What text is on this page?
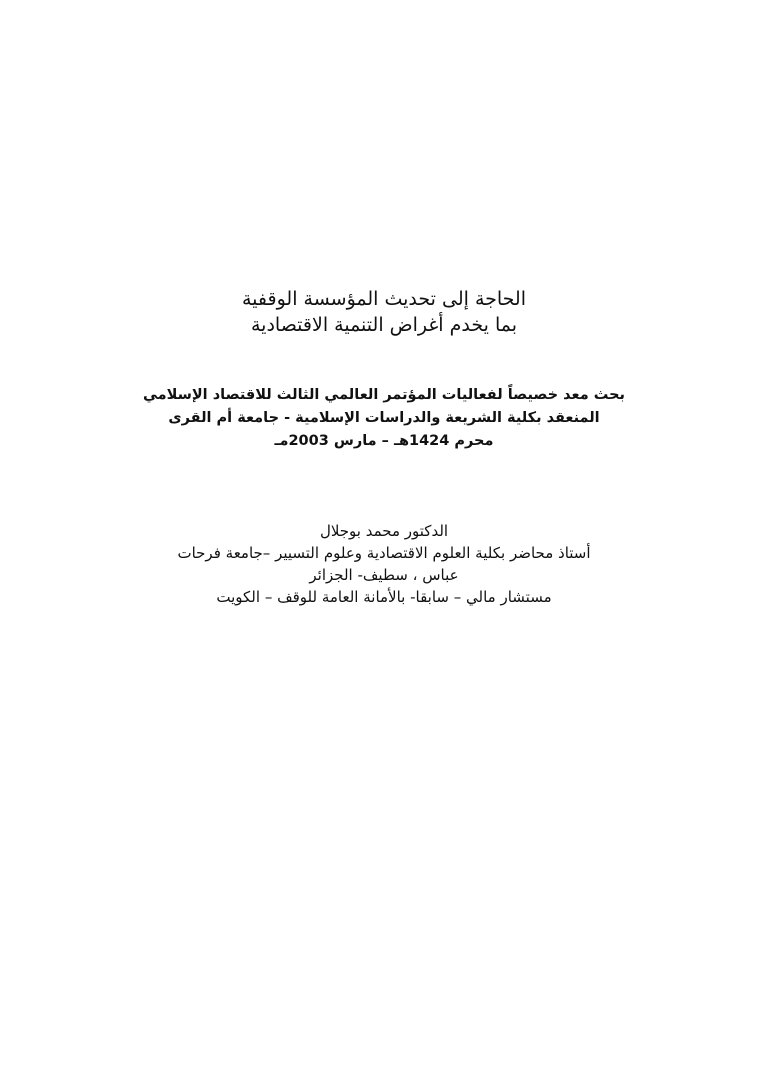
الحاجة إلى تحديث المؤسسة الوقفية
بما يخدم أغراض التنمية الاقتصادية
بحث معد خصيصاً لفعاليات المؤتمر العالمي الثالث للاقتصاد الإسلامي
المنعقد بكلية الشريعة والدراسات الإسلامية - جامعة أم القرى
محرم 1424هـ – مارس 2003مـ
الدكتور محمد بوجلال
أستاذ محاضر بكلية العلوم الاقتصادية وعلوم التسيير –جامعة فرحات
عباس ، سطيف- الجزائر
مستشار مالي – سابقا- بالأمانة العامة للوقف – الكويت
